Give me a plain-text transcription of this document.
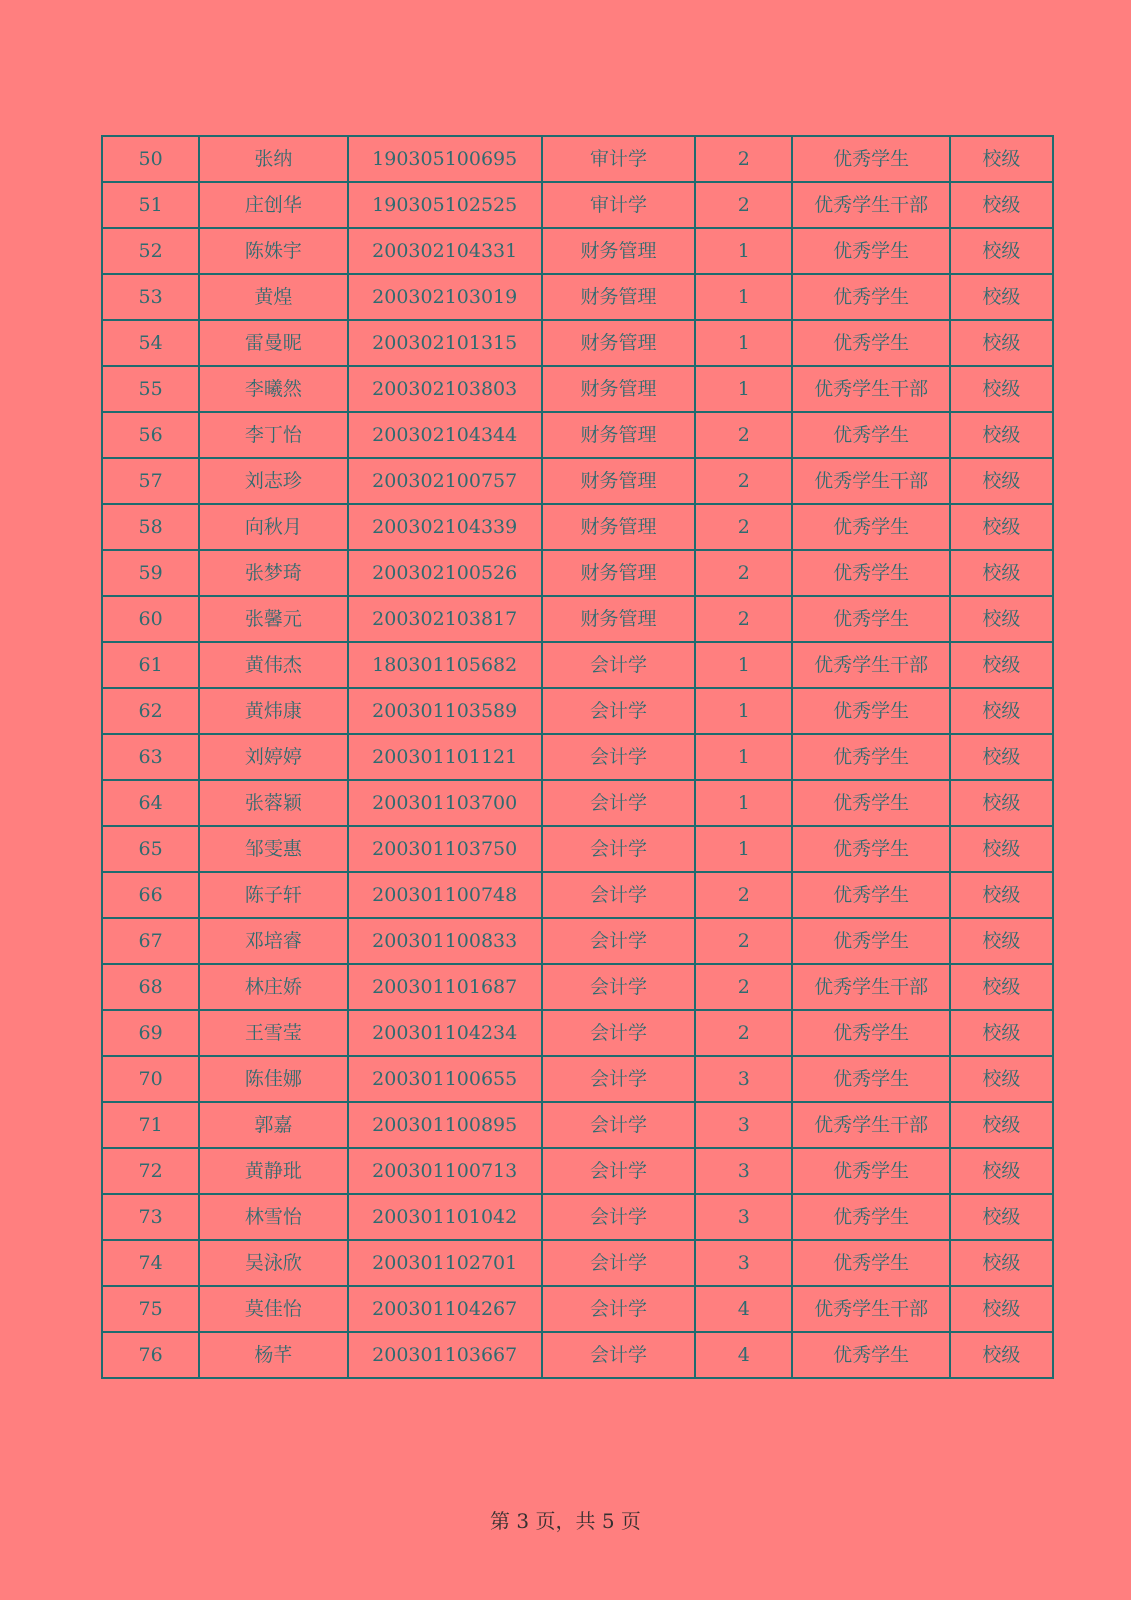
50	张纳	190305100695	审计学	2	优秀学生	校级
51	庄创华	190305102525	审计学	2	优秀学生干部	校级
52	陈姝宇	200302104331	财务管理	1	优秀学生	校级
53	黄煌	200302103019	财务管理	1	优秀学生	校级
54	雷曼昵	200302101315	财务管理	1	优秀学生	校级
55	李曦然	200302103803	财务管理	1	优秀学生干部	校级
56	李丁怡	200302104344	财务管理	2	优秀学生	校级
57	刘志珍	200302100757	财务管理	2	优秀学生干部	校级
58	向秋月	200302104339	财务管理	2	优秀学生	校级
59	张梦琦	200302100526	财务管理	2	优秀学生	校级
60	张馨元	200302103817	财务管理	2	优秀学生	校级
61	黄伟杰	180301105682	会计学	1	优秀学生干部	校级
62	黄炜康	200301103589	会计学	1	优秀学生	校级
63	刘婷婷	200301101121	会计学	1	优秀学生	校级
64	张蓉颖	200301103700	会计学	1	优秀学生	校级
65	邹雯惠	200301103750	会计学	1	优秀学生	校级
66	陈子轩	200301100748	会计学	2	优秀学生	校级
67	邓培睿	200301100833	会计学	2	优秀学生	校级
68	林庄娇	200301101687	会计学	2	优秀学生干部	校级
69	王雪莹	200301104234	会计学	2	优秀学生	校级
70	陈佳娜	200301100655	会计学	3	优秀学生	校级
71	郭嘉	200301100895	会计学	3	优秀学生干部	校级
72	黄静玭	200301100713	会计学	3	优秀学生	校级
73	林雪怡	200301101042	会计学	3	优秀学生	校级
74	吴泳欣	200301102701	会计学	3	优秀学生	校级
75	莫佳怡	200301104267	会计学	4	优秀学生干部	校级
76	杨芊	200301103667	会计学	4	优秀学生	校级
第 3 页，共 5 页
